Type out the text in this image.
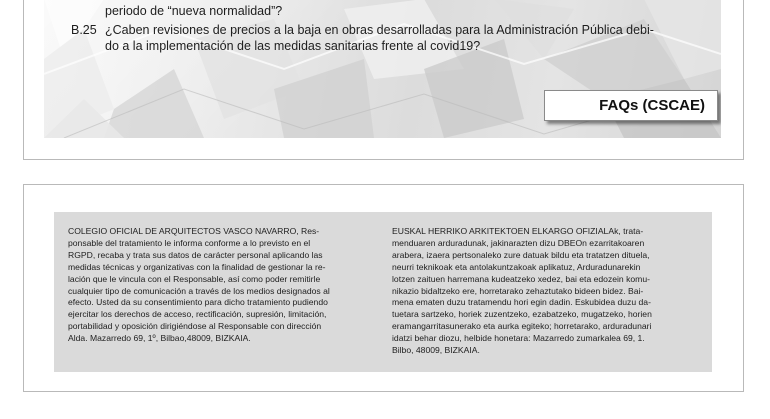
periodo de “nueva normalidad”?
B.25 ¿Caben revisiones de precios a la baja en obras desarrolladas para la Administración Pública debi-
do a la implementación de las medidas sanitarias frente al covid19?
FAQs (CSCAE)
COLEGIO OFICIAL DE ARQUITECTOS VASCO NAVARRO, Res-
ponsable del tratamiento le informa conforme a lo previsto en el
RGPD, recaba y trata sus datos de carácter personal aplicando las
medidas técnicas y organizativas con la finalidad de gestionar la re-
lación que le vincula con el Responsable, así como poder remitirle
cualquier tipo de comunicación a través de los medios designados al
efecto. Usted da su consentimiento para dicho tratamiento pudiendo
ejercitar los derechos de acceso, rectificación, supresión, limitación,
portabilidad y oposición dirigiéndose al Responsable con dirección
Alda. Mazarredo 69, 1º, Bilbao,48009, BIZKAIA.
EUSKAL HERRIKO ARKITEKTOEN ELKARGO OFIZIALAk, trata-
menduaren arduradunak, jakinarazten dizu DBEOn ezarritakoaren
arabera, izaera pertsonaleko zure datuak bildu eta tratatzen dituela,
neurri teknikoak eta antolakuntzakoak aplikatuz, Arduradunarekin
lotzen zaituen harremana kudeatzeko xedez, bai eta edozein komu-
nikazio bidaltzeko ere, horretarako zehaztutako bideen bidez. Bai-
mena ematen duzu tratamendu hori egin dadin. Eskubidea duzu da-
tuetara sartzeko, horiek zuzentzeko, ezabatzeko, mugatzeko, horien
eramangarritasunerako eta aurka egiteko; horretarako, arduradunari
idatzi behar diozu, helbide honetara: Mazarredo zumarkalea 69, 1.
Bilbo, 48009, BIZKAIA.
